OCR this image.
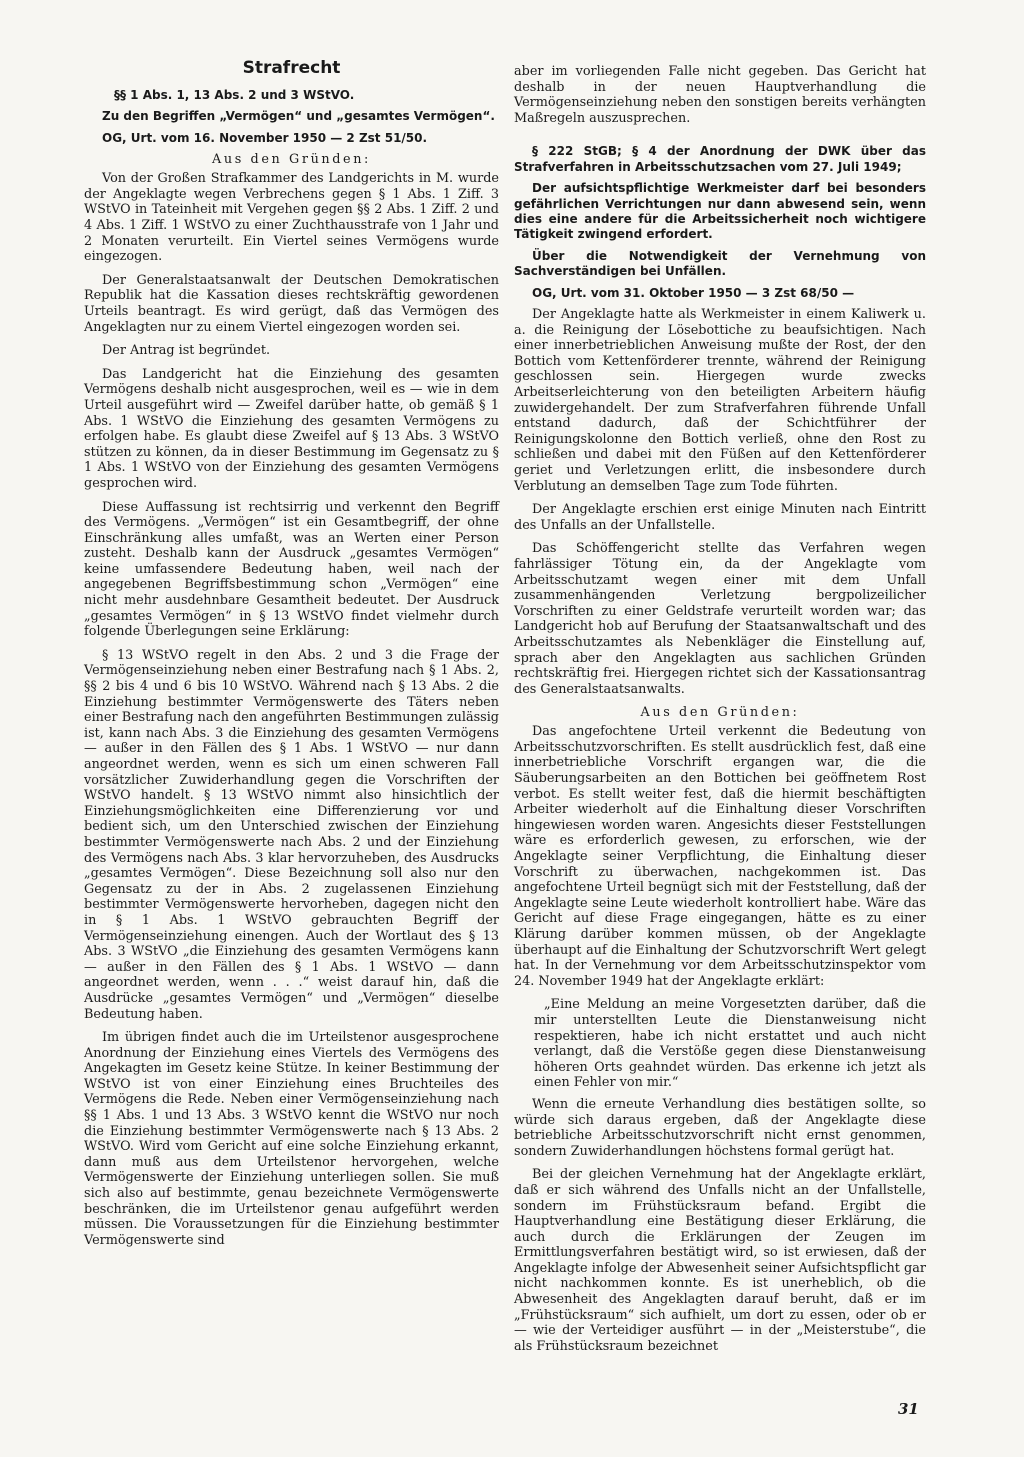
Strafrecht

§§ 1 Abs. 1, 13 Abs. 2 und 3 WStVO.

Zu den Begriffen „Vermögen“ und „gesamtes Vermögen“.

OG, Urt. vom 16. November 1950 — 2 Zst 51/50.

Aus den Gründen:

Von der Großen Strafkammer des Landgerichts in M. wurde der Angeklagte wegen Verbrechens gegen § 1 Abs. 1 Ziff. 3 WStVO in Tateinheit mit Vergehen gegen §§ 2 Abs. 1 Ziff. 2 und 4 Abs. 1 Ziff. 1 WStVO zu einer Zuchthausstrafe von 1 Jahr und 2 Monaten verurteilt. Ein Viertel seines Vermögens wurde eingezogen.

Der Generalstaatsanwalt der Deutschen Demokratischen Republik hat die Kassation dieses rechtskräftig gewordenen Urteils beantragt. Es wird gerügt, daß das Vermögen des Angeklagten nur zu einem Viertel eingezogen worden sei.

Der Antrag ist begründet.

Das Landgericht hat die Einziehung des gesamten Vermögens deshalb nicht ausgesprochen, weil es — wie in dem Urteil ausgeführt wird — Zweifel darüber hatte, ob gemäß § 1 Abs. 1 WStVO die Einziehung des gesamten Vermögens zu erfolgen habe. Es glaubt diese Zweifel auf § 13 Abs. 3 WStVO stützen zu können, da in dieser Bestimmung im Gegensatz zu § 1 Abs. 1 WStVO von der Einziehung des gesamten Vermögens gesprochen wird.

Diese Auffassung ist rechtsirrig und verkennt den Begriff des Vermögens. „Vermögen“ ist ein Gesamtbegriff, der ohne Einschränkung alles umfaßt, was an Werten einer Person zusteht. Deshalb kann der Ausdruck „gesamtes Vermögen“ keine umfassendere Bedeutung haben, weil nach der angegebenen Begriffsbestimmung schon „Vermögen“ eine nicht mehr ausdehnbare Gesamtheit bedeutet. Der Ausdruck „gesamtes Vermögen“ in § 13 WStVO findet vielmehr durch folgende Überlegungen seine Erklärung:

§ 13 WStVO regelt in den Abs. 2 und 3 die Frage der Vermögenseinziehung neben einer Bestrafung nach § 1 Abs. 2, §§ 2 bis 4 und 6 bis 10 WStVO. Während nach § 13 Abs. 2 die Einziehung bestimmter Vermögenswerte des Täters neben einer Bestrafung nach den angeführten Bestimmungen zulässig ist, kann nach Abs. 3 die Einziehung des gesamten Vermögens — außer in den Fällen des § 1 Abs. 1 WStVO — nur dann angeordnet werden, wenn es sich um einen schweren Fall vorsätzlicher Zuwiderhandlung gegen die Vorschriften der WStVO handelt. § 13 WStVO nimmt also hinsichtlich der Einziehungsmöglichkeiten eine Differenzierung vor und bedient sich, um den Unterschied zwischen der Einziehung bestimmter Vermögenswerte nach Abs. 2 und der Einziehung des Vermögens nach Abs. 3 klar hervorzuheben, des Ausdrucks „gesamtes Vermögen“. Diese Bezeichnung soll also nur den Gegensatz zu der in Abs. 2 zugelassenen Einziehung bestimmter Vermögenswerte hervorheben, dagegen nicht den in § 1 Abs. 1 WStVO gebrauchten Begriff der Vermögenseinziehung einengen. Auch der Wortlaut des § 13 Abs. 3 WStVO „die Einziehung des gesamten Vermögens kann — außer in den Fällen des § 1 Abs. 1 WStVO — dann angeordnet werden, wenn . . .“ weist darauf hin, daß die Ausdrücke „gesamtes Vermögen“ und „Vermögen“ dieselbe Bedeutung haben.

Im übrigen findet auch die im Urteilstenor ausgesprochene Anordnung der Einziehung eines Viertels des Vermögens des Angekagten im Gesetz keine Stütze. In keiner Bestimmung der WStVO ist von einer Einziehung eines Bruchteiles des Vermögens die Rede. Neben einer Vermögenseinziehung nach §§ 1 Abs. 1 und 13 Abs. 3 WStVO kennt die WStVO nur noch die Einziehung bestimmter Vermögenswerte nach § 13 Abs. 2 WStVO. Wird vom Gericht auf eine solche Einziehung erkannt, dann muß aus dem Urteilstenor hervorgehen, welche Vermögenswerte der Einziehung unterliegen sollen. Sie muß sich also auf bestimmte, genau bezeichnete Vermögenswerte beschränken, die im Urteilstenor genau aufgeführt werden müssen. Die Voraussetzungen für die Einziehung bestimmter Vermögenswerte sind

aber im vorliegenden Falle nicht gegeben. Das Gericht hat deshalb in der neuen Hauptverhandlung die Vermögenseinziehung neben den sonstigen bereits verhängten Maßregeln auszusprechen.

§ 222 StGB; § 4 der Anordnung der DWK über das Strafverfahren in Arbeitsschutzsachen vom 27. Juli 1949;

Der aufsichtspflichtige Werkmeister darf bei besonders gefährlichen Verrichtungen nur dann abwesend sein, wenn dies eine andere für die Arbeitssicherheit noch wichtigere Tätigkeit zwingend erfordert.

Über die Notwendigkeit der Vernehmung von Sachverständigen bei Unfällen.

OG, Urt. vom 31. Oktober 1950 — 3 Zst 68/50 —

Der Angeklagte hatte als Werkmeister in einem Kaliwerk u. a. die Reinigung der Lösebottiche zu beaufsichtigen. Nach einer innerbetrieblichen Anweisung mußte der Rost, der den Bottich vom Kettenförderer trennte, während der Reinigung geschlossen sein. Hiergegen wurde zwecks Arbeitserleichterung von den beteiligten Arbeitern häufig zuwidergehandelt. Der zum Strafverfahren führende Unfall entstand dadurch, daß der Schichtführer der Reinigungskolonne den Bottich verließ, ohne den Rost zu schließen und dabei mit den Füßen auf den Kettenförderer geriet und Verletzungen erlitt, die insbesondere durch Verblutung an demselben Tage zum Tode führten.

Der Angeklagte erschien erst einige Minuten nach Eintritt des Unfalls an der Unfallstelle.

Das Schöffengericht stellte das Verfahren wegen fahrlässiger Tötung ein, da der Angeklagte vom Arbeitsschutzamt wegen einer mit dem Unfall zusammenhängenden Verletzung bergpolizeilicher Vorschriften zu einer Geldstrafe verurteilt worden war; das Landgericht hob auf Berufung der Staatsanwaltschaft und des Arbeitsschutzamtes als Nebenkläger die Einstellung auf, sprach aber den Angeklagten aus sachlichen Gründen rechtskräftig frei. Hiergegen richtet sich der Kassationsantrag des Generalstaatsanwalts.

Aus den Gründen:

Das angefochtene Urteil verkennt die Bedeutung von Arbeitsschutzvorschriften. Es stellt ausdrücklich fest, daß eine innerbetriebliche Vorschrift ergangen war, die die Säuberungsarbeiten an den Bottichen bei geöffnetem Rost verbot. Es stellt weiter fest, daß die hiermit beschäftigten Arbeiter wiederholt auf die Einhaltung dieser Vorschriften hingewiesen worden waren. Angesichts dieser Feststellungen wäre es erforderlich gewesen, zu erforschen, wie der Angeklagte seiner Verpflichtung, die Einhaltung dieser Vorschrift zu überwachen, nachgekommen ist. Das angefochtene Urteil begnügt sich mit der Feststellung, daß der Angeklagte seine Leute wiederholt kontrolliert habe. Wäre das Gericht auf diese Frage eingegangen, hätte es zu einer Klärung darüber kommen müssen, ob der Angeklagte überhaupt auf die Einhaltung der Schutzvorschrift Wert gelegt hat. In der Vernehmung vor dem Arbeitsschutzinspektor vom 24. November 1949 hat der Angeklagte erklärt:

„Eine Meldung an meine Vorgesetzten darüber, daß die mir unterstellten Leute die Dienstanweisung nicht respektieren, habe ich nicht erstattet und auch nicht verlangt, daß die Verstöße gegen diese Dienstanweisung höheren Orts geahndet würden. Das erkenne ich jetzt als einen Fehler von mir.“

Wenn die erneute Verhandlung dies bestätigen sollte, so würde sich daraus ergeben, daß der Angeklagte diese betriebliche Arbeitsschutzvorschrift nicht ernst genommen, sondern Zuwiderhandlungen höchstens formal gerügt hat.

Bei der gleichen Vernehmung hat der Angeklagte erklärt, daß er sich während des Unfalls nicht an der Unfallstelle, sondern im Frühstücksraum befand. Ergibt die Hauptverhandlung eine Bestätigung dieser Erklärung, die auch durch die Erklärungen der Zeugen im Ermittlungsverfahren bestätigt wird, so ist erwiesen, daß der Angeklagte infolge der Abwesenheit seiner Aufsichtspflicht gar nicht nachkommen konnte. Es ist unerheblich, ob die Abwesenheit des Angeklagten darauf beruht, daß er im „Frühstücksraum“ sich aufhielt, um dort zu essen, oder ob er — wie der Verteidiger ausführt — in der „Meisterstube“, die als Frühstücksraum bezeichnet

31
